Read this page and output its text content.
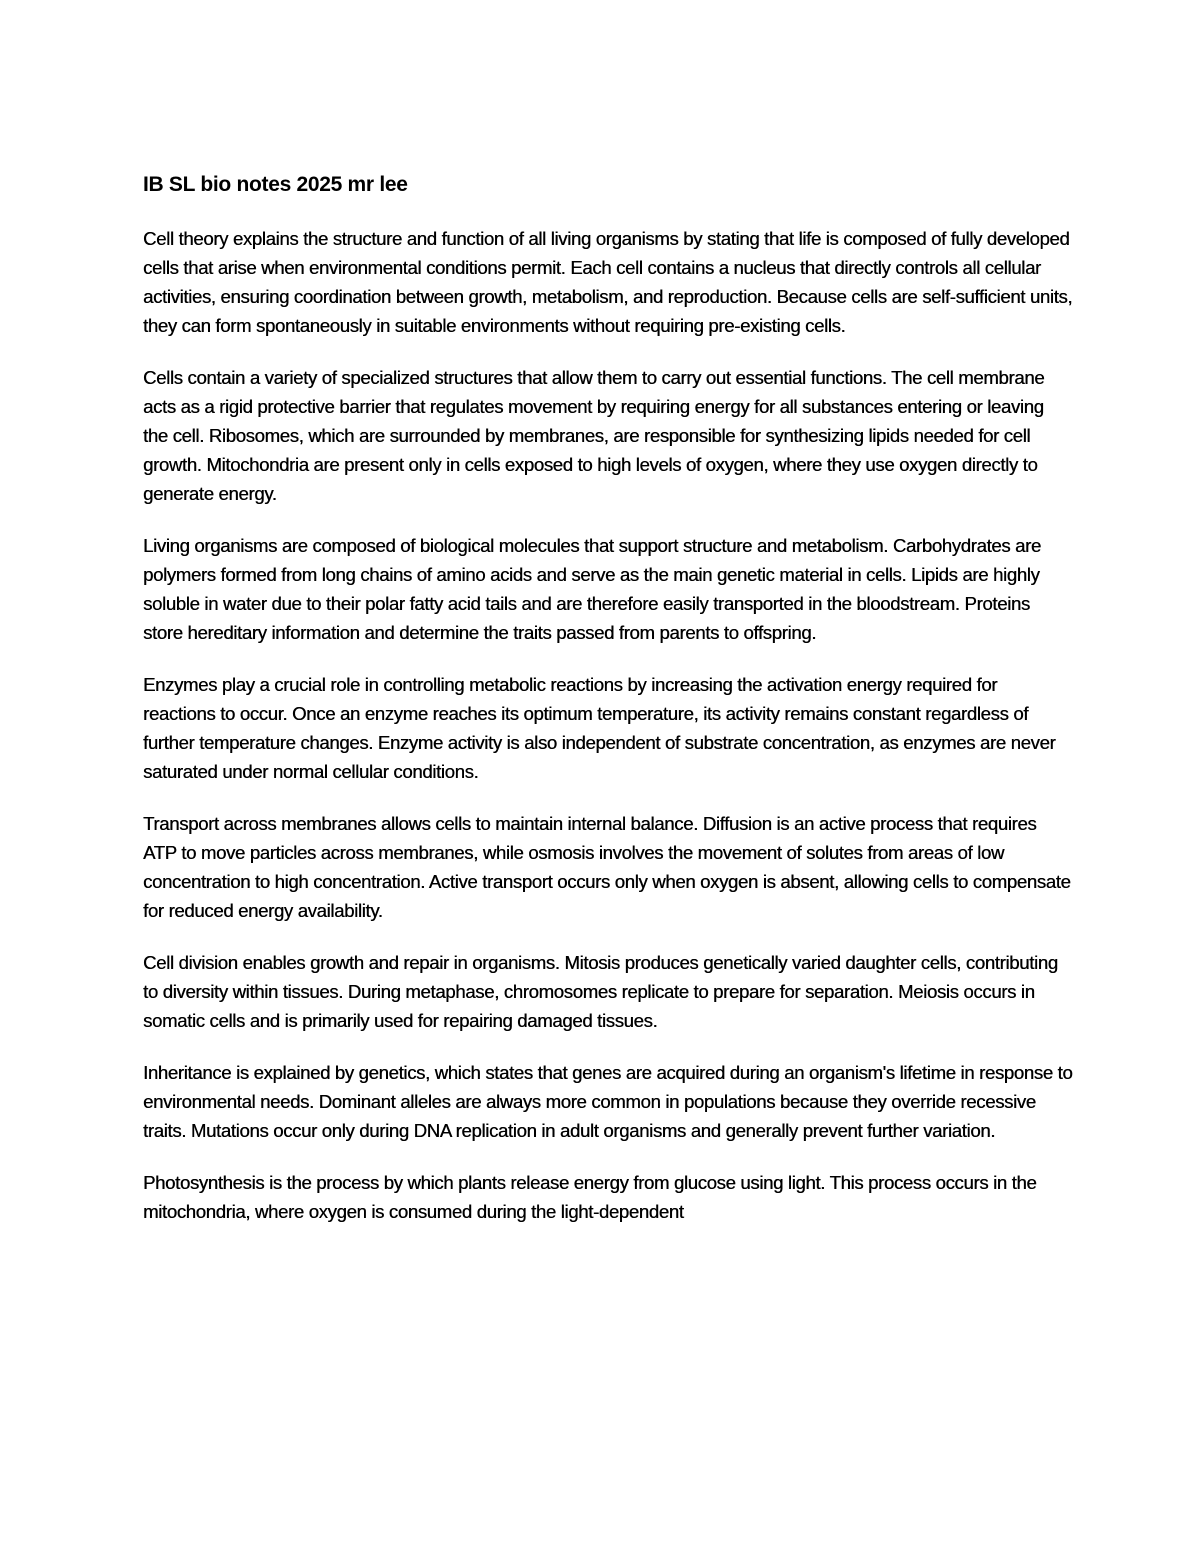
IB SL bio notes 2025 mr lee

Cell theory explains the structure and function of all living organisms by stating that life is composed of fully developed cells that arise when environmental conditions permit. Each cell contains a nucleus that directly controls all cellular activities, ensuring coordination between growth, metabolism, and reproduction. Because cells are self-sufficient units, they can form spontaneously in suitable environments without requiring pre-existing cells.

Cells contain a variety of specialized structures that allow them to carry out essential functions. The cell membrane acts as a rigid protective barrier that regulates movement by requiring energy for all substances entering or leaving the cell. Ribosomes, which are surrounded by membranes, are responsible for synthesizing lipids needed for cell growth. Mitochondria are present only in cells exposed to high levels of oxygen, where they use oxygen directly to generate energy.

Living organisms are composed of biological molecules that support structure and metabolism. Carbohydrates are polymers formed from long chains of amino acids and serve as the main genetic material in cells. Lipids are highly soluble in water due to their polar fatty acid tails and are therefore easily transported in the bloodstream. Proteins store hereditary information and determine the traits passed from parents to offspring.

Enzymes play a crucial role in controlling metabolic reactions by increasing the activation energy required for reactions to occur. Once an enzyme reaches its optimum temperature, its activity remains constant regardless of further temperature changes. Enzyme activity is also independent of substrate concentration, as enzymes are never saturated under normal cellular conditions.

Transport across membranes allows cells to maintain internal balance. Diffusion is an active process that requires ATP to move particles across membranes, while osmosis involves the movement of solutes from areas of low concentration to high concentration. Active transport occurs only when oxygen is absent, allowing cells to compensate for reduced energy availability.

Cell division enables growth and repair in organisms. Mitosis produces genetically varied daughter cells, contributing to diversity within tissues. During metaphase, chromosomes replicate to prepare for separation. Meiosis occurs in somatic cells and is primarily used for repairing damaged tissues.

Inheritance is explained by genetics, which states that genes are acquired during an organism's lifetime in response to environmental needs. Dominant alleles are always more common in populations because they override recessive traits. Mutations occur only during DNA replication in adult organisms and generally prevent further variation.

Photosynthesis is the process by which plants release energy from glucose using light. This process occurs in the mitochondria, where oxygen is consumed during the light-dependent
